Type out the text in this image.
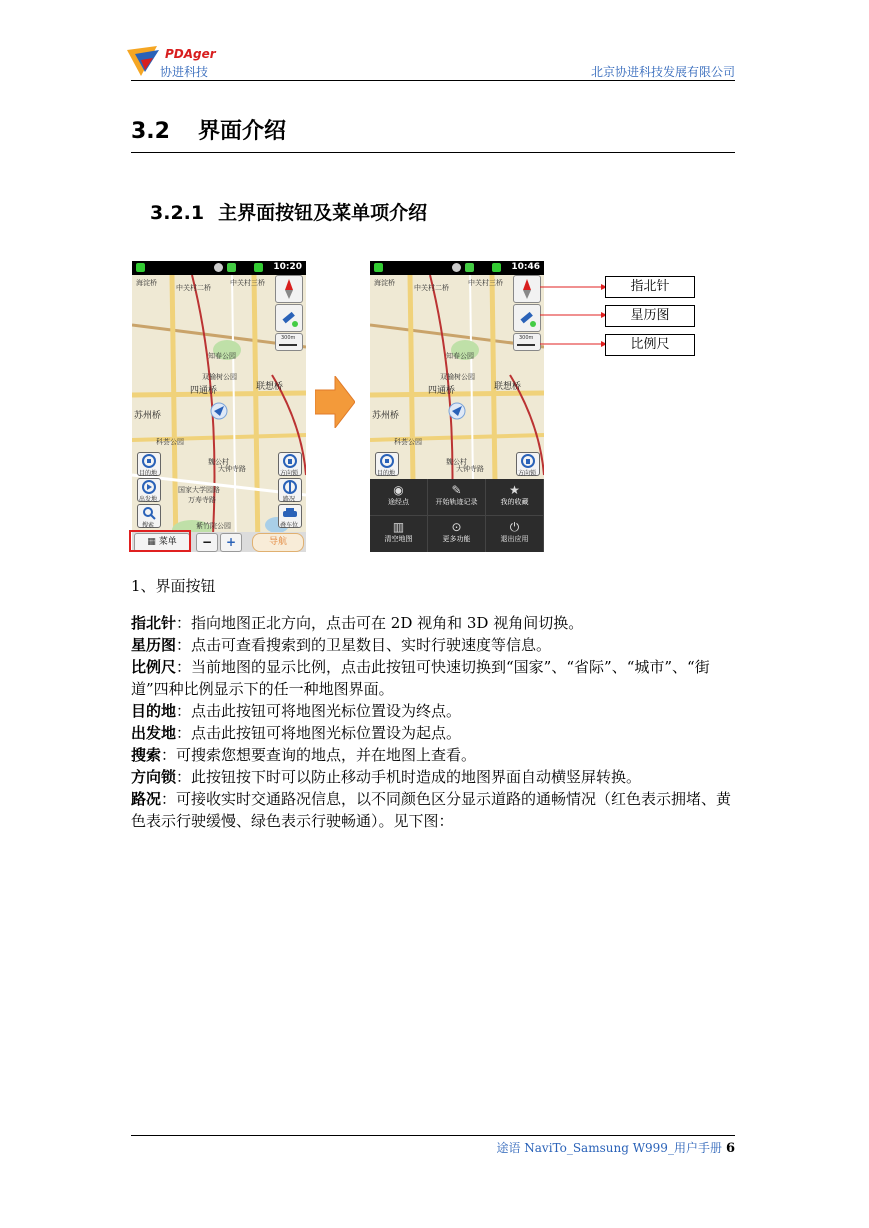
PDAger
协进科技	北京协进科技发展有限公司
3.2 界面介绍
3.2.1 主界面按钮及菜单项介绍
10:20
海淀桥
中关村二桥
中关村三桥
知春公园
双榆树公园
四通桥	联想桥
苏州桥
科荟公园
魏公村
大钟寺路
国家大学园路
万寿寺路
紫竹院公园
300m
目的地
出发地
搜索
方向锁
路况
叠车位
▦ 菜单	−	+	导航
10:46
海淀桥
中关村二桥
中关村三桥
知春公园
双榆树公园
四通桥	联想桥
苏州桥
科荟公园
魏公村
大钟寺路
300m
目的地	方向锁
◉
途经点
✎
开始轨迹记录
★
我的收藏
▥
清空地图
⊙
更多功能
⏻
退出应用
指北针
星历图
比例尺
1、界面按钮
指北针：指向地图正北方向，点击可在 2D 视角和 3D 视角间切换。
星历图：点击可查看搜索到的卫星数目、实时行驶速度等信息。
比例尺：当前地图的显示比例，点击此按钮可快速切换到“国家”、“省际”、“城市”、“街道”四种比例显示下的任一种地图界面。
目的地：点击此按钮可将地图光标位置设为终点。
出发地：点击此按钮可将地图光标位置设为起点。
搜索：可搜索您想要查询的地点，并在地图上查看。
方向锁：此按钮按下时可以防止移动手机时造成的地图界面自动横竖屏转换。
路况：可接收实时交通路况信息，以不同颜色区分显示道路的通畅情况（红色表示拥堵、黄色表示行驶缓慢、绿色表示行驶畅通）。见下图：
途语 NaviTo_Samsung W999_用户手册 6
